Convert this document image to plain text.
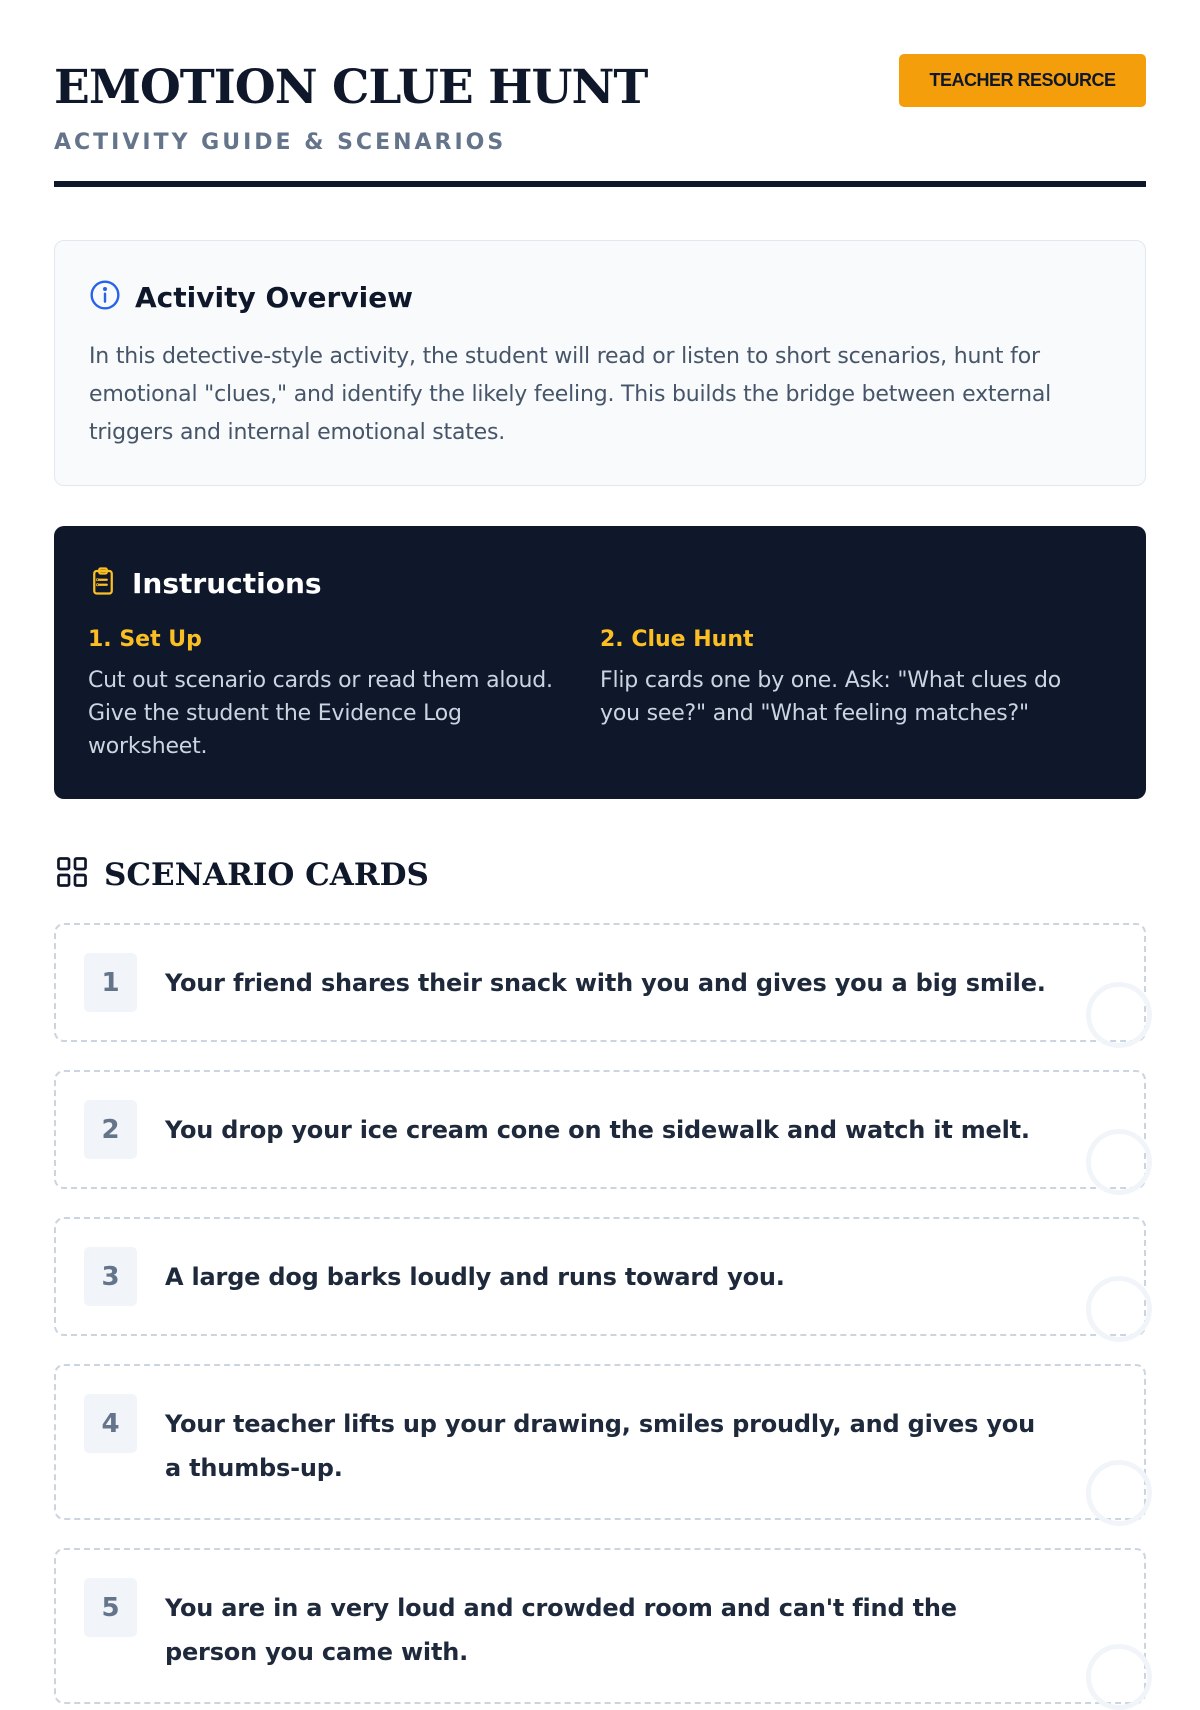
EMOTION CLUE HUNT
ACTIVITY GUIDE & SCENARIOS
TEACHER RESOURCE
Activity Overview

In this detective-style activity, the student will read or listen to short scenarios, hunt for emotional "clues," and identify the likely feeling. This builds the bridge between external triggers and internal emotional states.

Instructions
1. Set Up

Cut out scenario cards or read them aloud. Give the student the Evidence Log worksheet.

2. Clue Hunt

Flip cards one by one. Ask: "What clues do you see?" and "What feeling matches?"

SCENARIO CARDS
1	Your friend shares their snack with you and gives you a big smile.
2	You drop your ice cream cone on the sidewalk and watch it melt.
3	A large dog barks loudly and runs toward you.
4	Your teacher lifts up your drawing, smiles proudly, and gives you a thumbs-up.
5	You are in a very loud and crowded room and can't find the person you came with.
